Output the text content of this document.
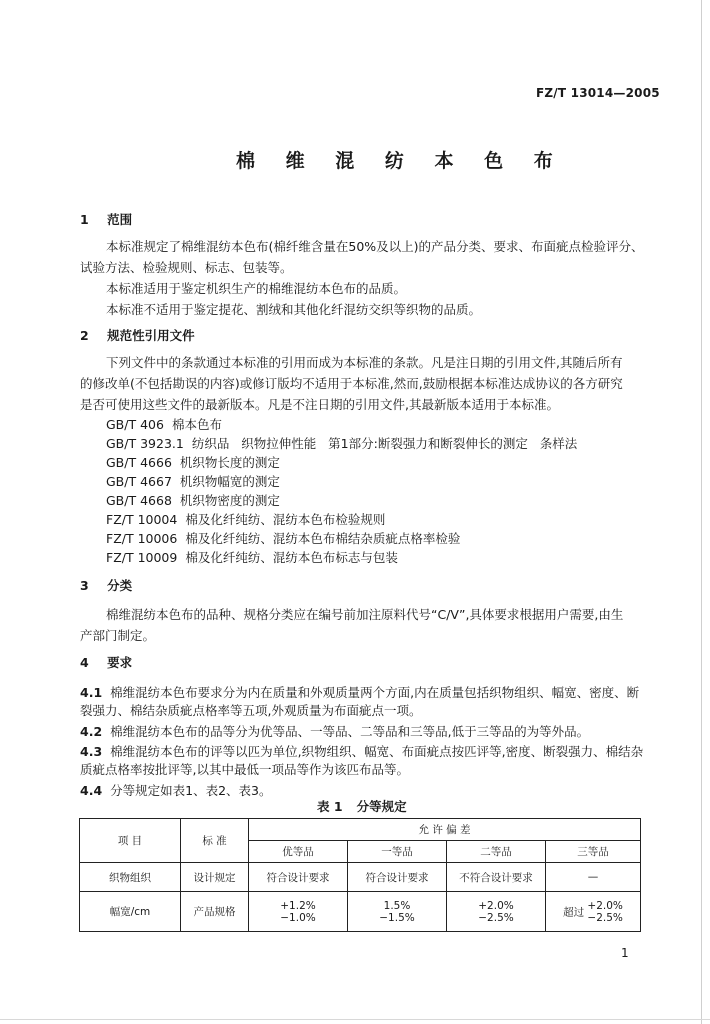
FZ/T 13014—2005
棉 维 混 纺 本 色 布
1 范围
本标准规定了棉维混纺本色布(棉纤维含量在50%及以上)的产品分类、要求、布面疵点检验评分、
试验方法、检验规则、标志、包装等。
本标准适用于鉴定机织生产的棉维混纺本色布的品质。
本标准不适用于鉴定提花、割绒和其他化纤混纺交织等织物的品质。
2 规范性引用文件
下列文件中的条款通过本标准的引用而成为本标准的条款。凡是注日期的引用文件,其随后所有
的修改单(不包括勘误的内容)或修订版均不适用于本标准,然而,鼓励根据本标准达成协议的各方研究
是否可使用这些文件的最新版本。凡是不注日期的引用文件,其最新版本适用于本标准。
GB/T 406 棉本色布
GB/T 3923.1 纺织品   织物拉伸性能   第1部分:断裂强力和断裂伸长的测定   条样法
GB/T 4666 机织物长度的测定
GB/T 4667 机织物幅宽的测定
GB/T 4668 机织物密度的测定
FZ/T 10004 棉及化纤纯纺、混纺本色布检验规则
FZ/T 10006 棉及化纤纯纺、混纺本色布棉结杂质疵点格率检验
FZ/T 10009 棉及化纤纯纺、混纺本色布标志与包装
3 分类
棉维混纺本色布的品种、规格分类应在编号前加注原料代号“C/V”,具体要求根据用户需要,由生
产部门制定。
4 要求
4.1 棉维混纺本色布要求分为内在质量和外观质量两个方面,内在质量包括织物组织、幅宽、密度、断
裂强力、棉结杂质疵点格率等五项,外观质量为布面疵点一项。
4.2 棉维混纺本色布的品等分为优等品、一等品、二等品和三等品,低于三等品的为等外品。
4.3 棉维混纺本色布的评等以匹为单位,织物组织、幅宽、布面疵点按匹评等,密度、断裂强力、棉结杂
质疵点格率按批评等,以其中最低一项品等作为该匹布品等。
4.4 分等规定如表1、表2、表3。
表 1 分等规定
项 目	标 准	允 许 偏 差			
		优等品	一等品	二等品	三等品
织物组织	设计规定	符合设计要求	符合设计要求	不符合设计要求	—
幅宽/cm	产品规格	+1.2%
−1.0%	1.5%
−1.5%	+2.0%
−2.5%	超过 +2.0%
−2.5%
1
